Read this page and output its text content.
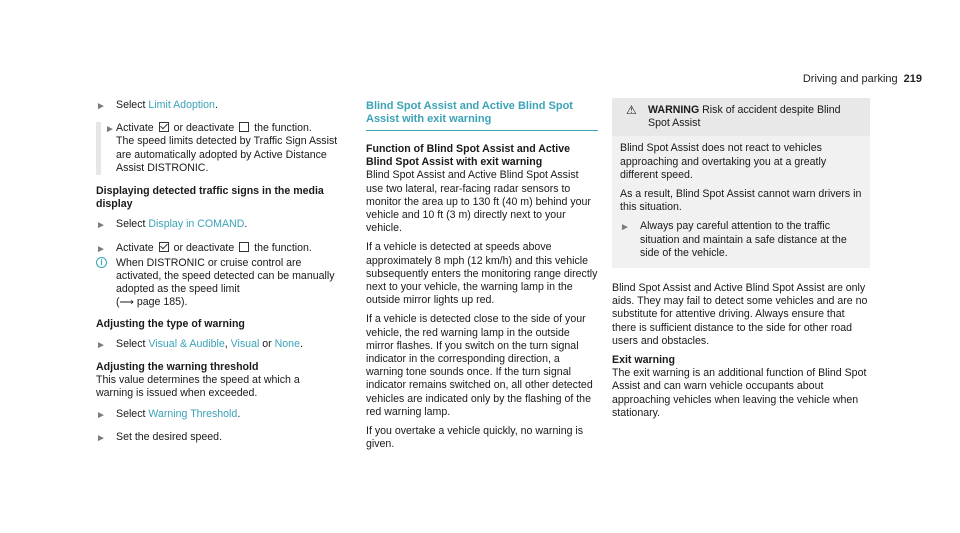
Driving and parking 219
► Select Limit Adoption.
► Activate  or deactivate  the function.
The speed limits detected by Traffic Sign Assist are automatically adopted by Active Distance Assist DISTRONIC.
Displaying detected traffic signs in the media display
► Select Display in COMAND.
► Activate  or deactivate  the function.
i	When DISTRONIC or cruise control are activated, the speed detected can be manually adopted as the speed limit
(⟶ page 185).
Adjusting the type of warning
► Select Visual & Audible, Visual or None.
Adjusting the warning threshold

This value determines the speed at which a warning is issued when exceeded.

► Select Warning Threshold.
► Set the desired speed.
Blind Spot Assist and Active Blind Spot Assist with exit warning
Function of Blind Spot Assist and Active Blind Spot Assist with exit warning

Blind Spot Assist and Active Blind Spot Assist use two lateral, rear-facing radar sensors to monitor the area up to 130 ft (40 m) behind your vehicle and 10 ft (3 m) directly next to your vehicle.

If a vehicle is detected at speeds above approximately 8 mph (12 km/h) and this vehicle subsequently enters the monitoring range directly next to your vehicle, the warning lamp in the outside mirror lights up red.

If a vehicle is detected close to the side of your vehicle, the red warning lamp in the outside mirror flashes. If you switch on the turn signal indicator in the corresponding direction, a warning tone sounds once. If the turn signal indicator remains switched on, all other detected vehicles are indicated only by the flashing of the red warning lamp.

If you overtake a vehicle quickly, no warning is given.

⚠ WARNING Risk of accident despite Blind Spot Assist

Blind Spot Assist does not react to vehicles approaching and overtaking you at a greatly different speed.

As a result, Blind Spot Assist cannot warn drivers in this situation.

► Always pay careful attention to the traffic situation and maintain a safe distance at the side of the vehicle.

Blind Spot Assist and Active Blind Spot Assist are only aids. They may fail to detect some vehicles and are no substitute for attentive driving. Always ensure that there is sufficient distance to the side for other road users and obstacles.

Exit warning

The exit warning is an additional function of Blind Spot Assist and can warn vehicle occupants about approaching vehicles when leaving the vehicle when stationary.
